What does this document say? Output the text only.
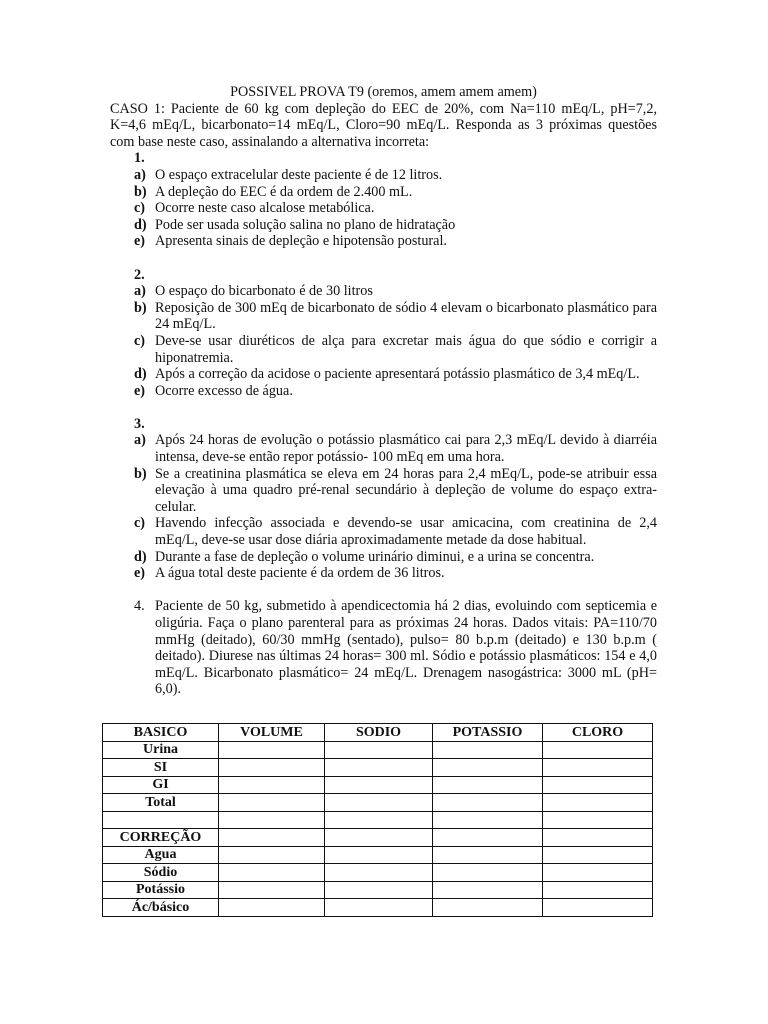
POSSIVEL PROVA T9 (oremos, amem amem amem)
CASO 1: Paciente de 60 kg com depleção do EEC de 20%, com Na=110 mEq/L, pH=7,2, K=4,6 mEq/L, bicarbonato=14 mEq/L, Cloro=90 mEq/L. Responda as 3 próximas questões com base neste caso, assinalando a alternativa incorreta:
1.
a) O espaço extracelular deste paciente é de 12 litros.
b) A depleção do EEC é da ordem de 2.400 mL.
c) Ocorre neste caso alcalose metabólica.
d) Pode ser usada solução salina no plano de hidratação
e) Apresenta sinais de depleção e hipotensão postural.
2.
a) O espaço do bicarbonato é de 30 litros
b) Reposição de 300 mEq de bicarbonato de sódio 4 elevam o bicarbonato plasmático para 24 mEq/L.
c) Deve-se usar diuréticos de alça para excretar mais água do que sódio e corrigir a hiponatremia.
d) Após a correção da acidose o paciente apresentará potássio plasmático de 3,4 mEq/L.
e) Ocorre excesso de água.
3.
a) Após 24 horas de evolução o potássio plasmático cai para 2,3 mEq/L devido à diarréia intensa, deve-se então repor potássio- 100 mEq em uma hora.
b) Se a creatinina plasmática se eleva em 24 horas para 2,4 mEq/L, pode-se atribuir essa elevação à uma quadro pré-renal secundário à depleção de volume do espaço extra-celular.
c) Havendo infecção associada e devendo-se usar amicacina, com creatinina de 2,4 mEq/L, deve-se usar dose diária aproximadamente metade da dose habitual.
d) Durante a fase de depleção o volume urinário diminui, e a urina se concentra.
e) A água total deste paciente é da ordem de 36 litros.
4. Paciente de 50 kg, submetido à apendicectomia há 2 dias, evoluindo com septicemia e oligúria. Faça o plano parenteral para as próximas 24 horas. Dados vitais: PA=110/70 mmHg (deitado), 60/30 mmHg (sentado), pulso= 80 b.p.m (deitado) e 130 b.p.m ( deitado). Diurese nas últimas 24 horas= 300 ml. Sódio e potássio plasmáticos: 154 e 4,0 mEq/L. Bicarbonato plasmático= 24 mEq/L. Drenagem nasogástrica: 3000 mL (pH= 6,0).
BASICO	VOLUME	SODIO	POTASSIO	CLORO
Urina				
SI				
GI				
Total				

CORREÇÃO				
Agua				
Sódio				
Potássio				
Ác/básico				
